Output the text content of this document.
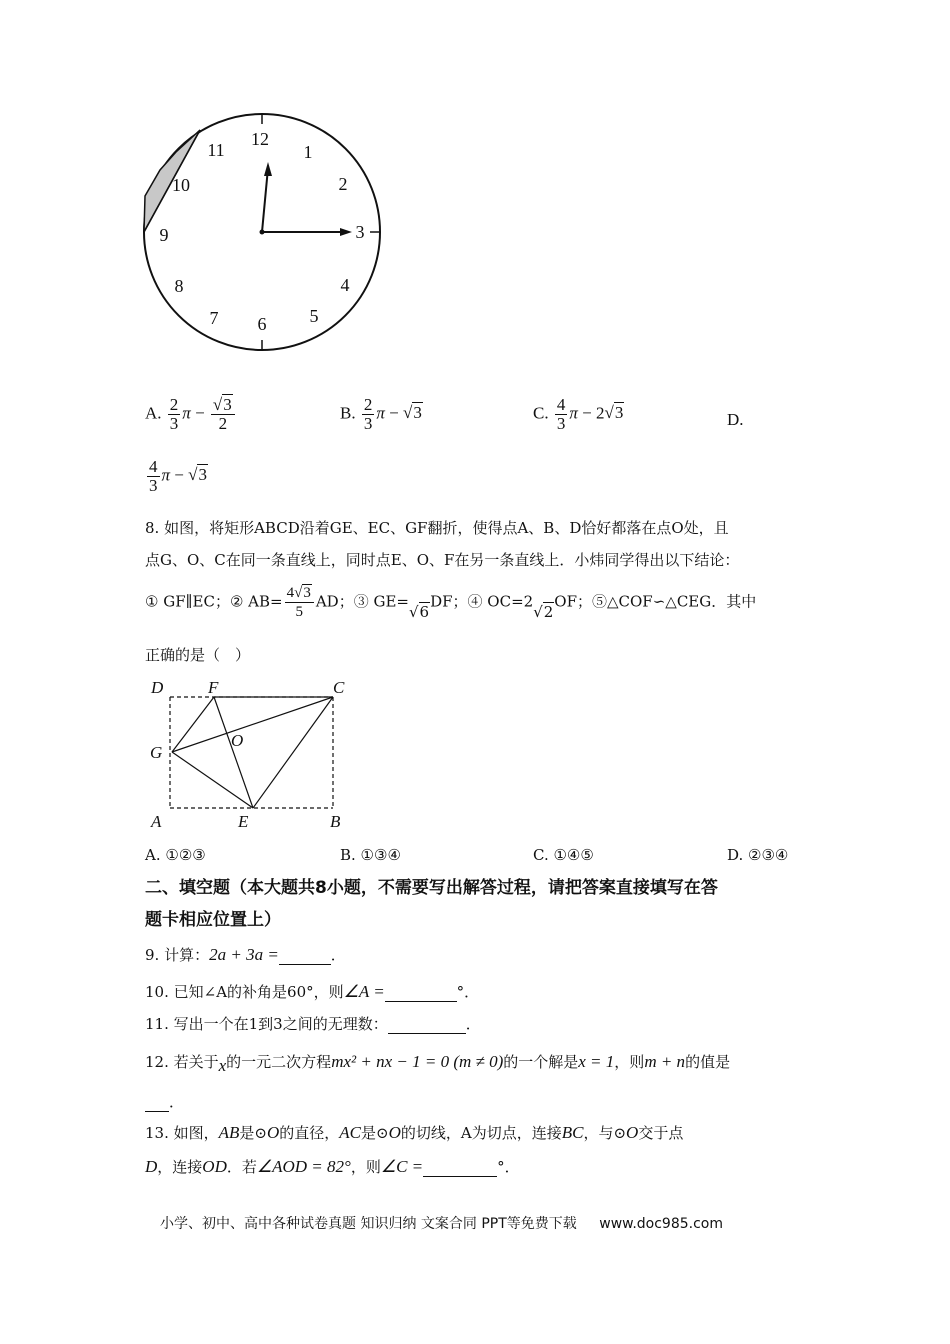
12
1
2
3
4
5
6
7
8
9
10
11
A. $\frac{2}{3}$ $\pi - \frac{√3}{2}$	B. $\frac{2}{3}$ π − √3	C. $\frac{4}{3}$ π − 2√3	D.
$\frac{4}{3}$ π − √3
8. 如图，将矩形ABCD沿着GE、EC、GF翻折，使得点A、B、D恰好都落在点O处，且
点G、O、C在同一条直线上，同时点E、O、F在另一条直线上．小炜同学得出以下结论：
① GF∥EC；② $AB= \frac{4√3}{5}$ AD；③ GE=√6DF；④ OC=2√2OF；⑤△COF∽△CEG．其中
正确的是（　）
D	F	C
G
O
A	E	B
A. ①②③	B. ①③④	C. ①④⑤	D. ②③④
二、填空题（本大题共8小题，不需要写出解答过程，请把答案直接填写在答
题卡相应位置上）
9. 计算：2a + 3a =	．
10. 已知∠A的补角是60°，则∠A =	°．
11. 写出一个在1到3之间的无理数：	．
12. 若关于x的一元二次方程mx² + nx − 1 = 0 (m ≠ 0)的一个解是x = 1，则m + n的值是
．
13. 如图，AB是⊙O的直径，AC是⊙O的切线，A为切点，连接BC，与⊙O交于点
D，连接OD．若∠AOD = 82°，则∠C =	°．
小学、初中、高中各种试卷真题 知识归纳 文案合同 PPT等免费下载 www.doc985.com
